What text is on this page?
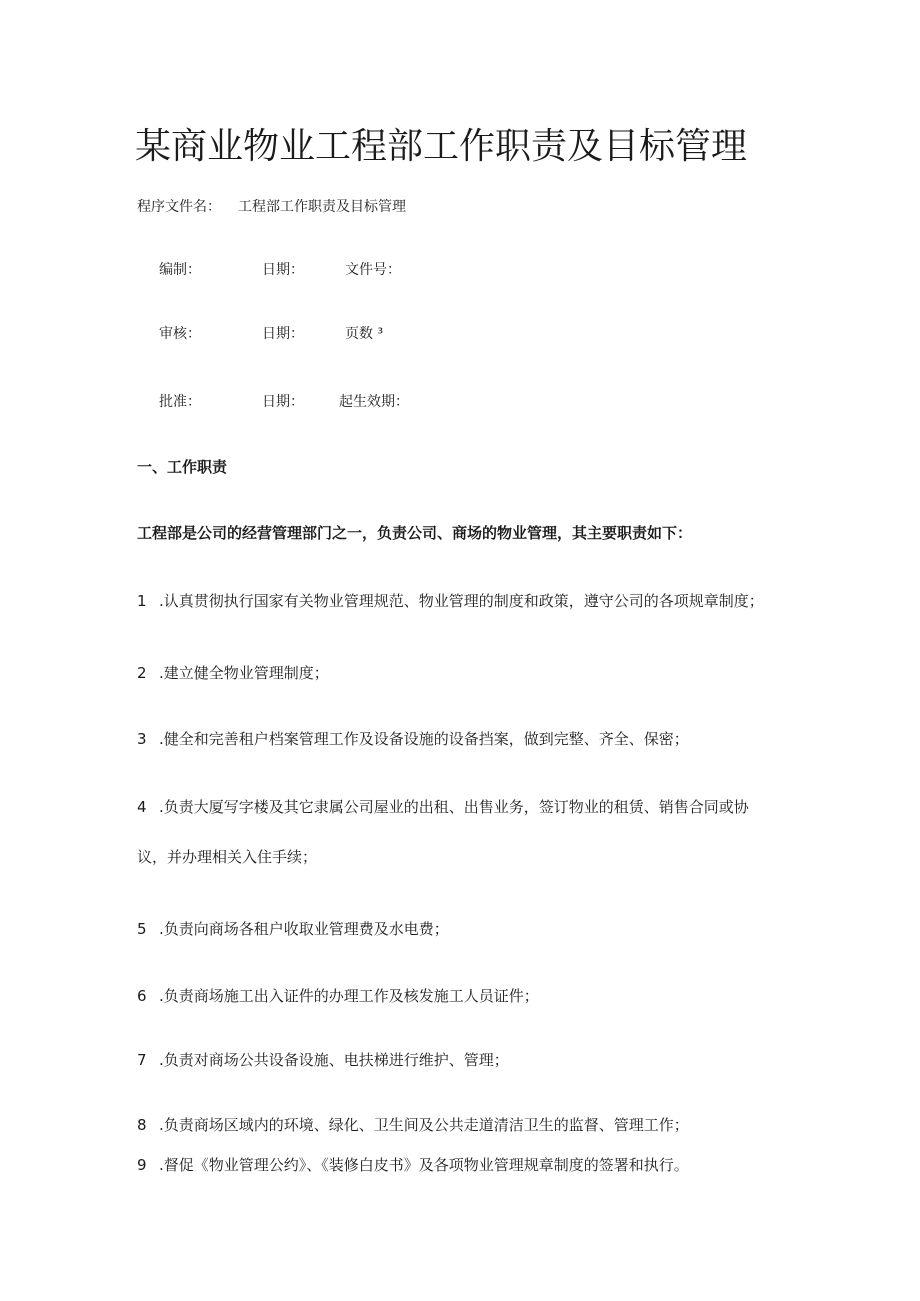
某商业物业工程部工作职责及目标管理
程序文件名： 工程部工作职责及目标管理
编制：	日期：	文件号：
审核：	日期：	页数 ³
批准：	日期：	起生效期：
一、工作职责
工程部是公司的经营管理部门之一，负责公司、商场的物业管理，其主要职责如下：
1 .认真贯彻执行国家有关物业管理规范、物业管理的制度和政策，遵守公司的各项规章制度；
2 .建立健全物业管理制度；
3 .健全和完善租户档案管理工作及设备设施的设备挡案，做到完整、齐全、保密；
4 .负责大厦写字楼及其它隶属公司屋业的出租、出售业务，签订物业的租赁、销售合同或协
议，并办理相关入住手续；
5 .负责向商场各租户收取业管理费及水电费；
6 .负责商场施工出入证件的办理工作及核发施工人员证件；
7 .负责对商场公共设备设施、电扶梯进行维护、管理；
8 .负责商场区域内的环境、绿化、卫生间及公共走道清洁卫生的监督、管理工作；
9 .督促《物业管理公约》、《装修白皮书》及各项物业管理规章制度的签署和执行。
